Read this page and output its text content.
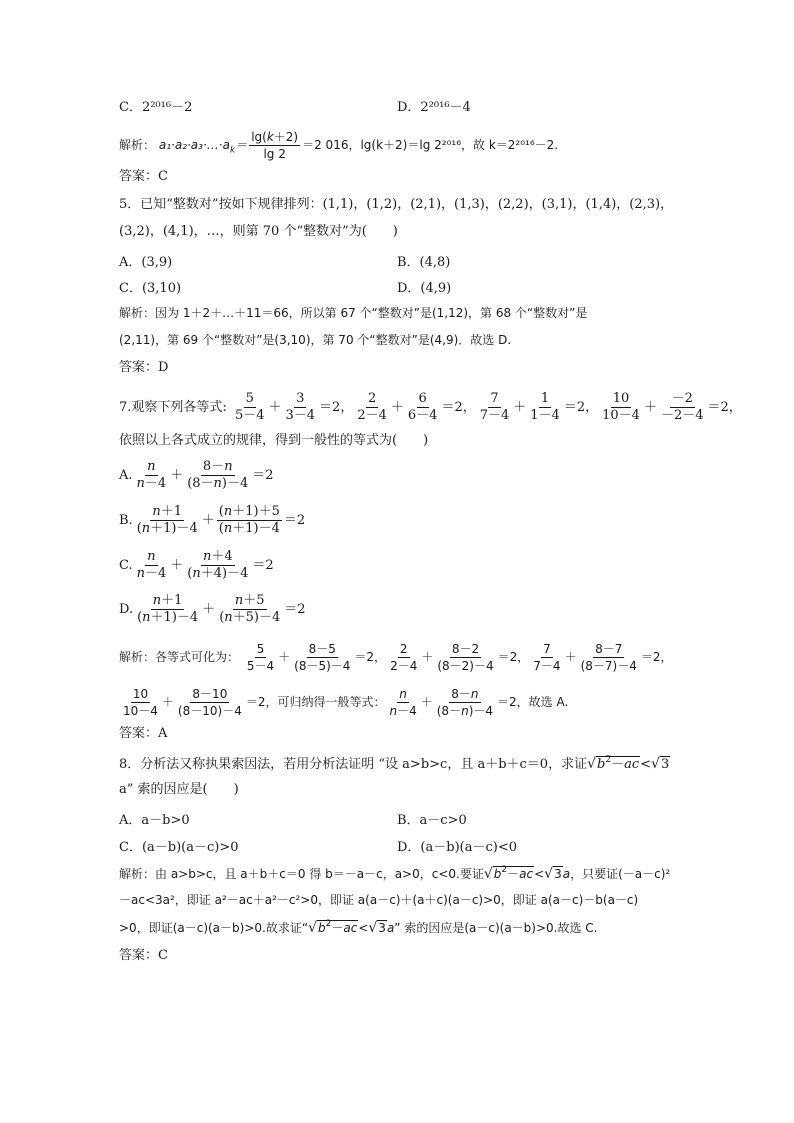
C．2²⁰¹⁶－2	D．2²⁰¹⁶－4
解析： $a_1\cdot a_2\cdot a_3\cdot\dots\cdot a_k= \frac{\lg(k+2)}{\lg 2} =2$ 016，lg(k＋2)＝lg 2²⁰¹⁶，故 k＝2²⁰¹⁶－2.
答案：C
5．已知“整数对”按如下规律排列：(1,1)，(1,2)，(2,1)，(1,3)，(2,2)，(3,1)，(1,4)，(2,3)，
(3,2)，(4,1)，…，则第 70 个“整数对”为(　　)
A．(3,9)	B．(4,8)
C．(3,10)	D．(4,9)
解析：因为 1＋2＋…＋11＝66，所以第 67 个“整数对”是(1,12)，第 68 个“整数对”是
(2,11)，第 69 个“整数对”是(3,10)，第 70 个“整数对”是(4,9)．故选 D.
答案：D
7.观察下列各等式: $\frac{5}{5-4} + \frac{3}{3-4} =2$， $\frac{2}{2-4} + \frac{6}{6-4} =2$， $\frac{7}{7-4} + \frac{1}{1-4} =2$， $\frac{10}{10-4} + \frac{-2}{-2-4} =2$，
依照以上各式成立的规律，得到一般性的等式为(　　)
A. $\frac{n}{n-4} + \frac{8-n}{(8-n)-4} =2$
B. $\frac{n+1}{(n+1)-4} + \frac{(n+1)+5}{(n+1)-4} =2$
C. $\frac{n}{n-4} + \frac{n+4}{(n+4)-4} =2$
D. $\frac{n+1}{(n+1)-4} + \frac{n+5}{(n+5)-4} =2$
解析：各等式可化为： $\frac{5}{5-4} + \frac{8-5}{(8-5)-4} =2$， $\frac{2}{2-4} + \frac{8-2}{(8-2)-4} =2$， $\frac{7}{7-4} + \frac{8-7}{(8-7)-4} =2$，
$\frac{10}{10-4} + \frac{8-10}{(8-10)-4} =2$，可归纳得一般等式： $\frac{n}{n-4} + \frac{8-n}{(8-n)-4} =2$，故选 A.
答案：A
8．分析法又称执果索因法，若用分析法证明 “设 a>b>c，且 a＋b＋c＝0，求证$√b^2-ac<√3$
a” 索的因应是(　　)
A．a－b>0	B．a－c>0
C．(a－b)(a－c)>0	D．(a－b)(a－c)<0
解析：由 a>b>c，且 a＋b＋c＝0 得 b＝－a－c，a>0，c<0.要证$√b^2-ac<√3a$，只要证(－a－c)²
－ac<3a²，即证 a²－ac＋a²－c²>0，即证 a(a－c)＋(a＋c)(a－c)>0，即证 a(a－c)－b(a－c)
>0，即证(a－c)(a－b)>0.故求证“$√b^2-ac<√3a$” 索的因应是(a－c)(a－b)>0.故选 C.
答案：C
